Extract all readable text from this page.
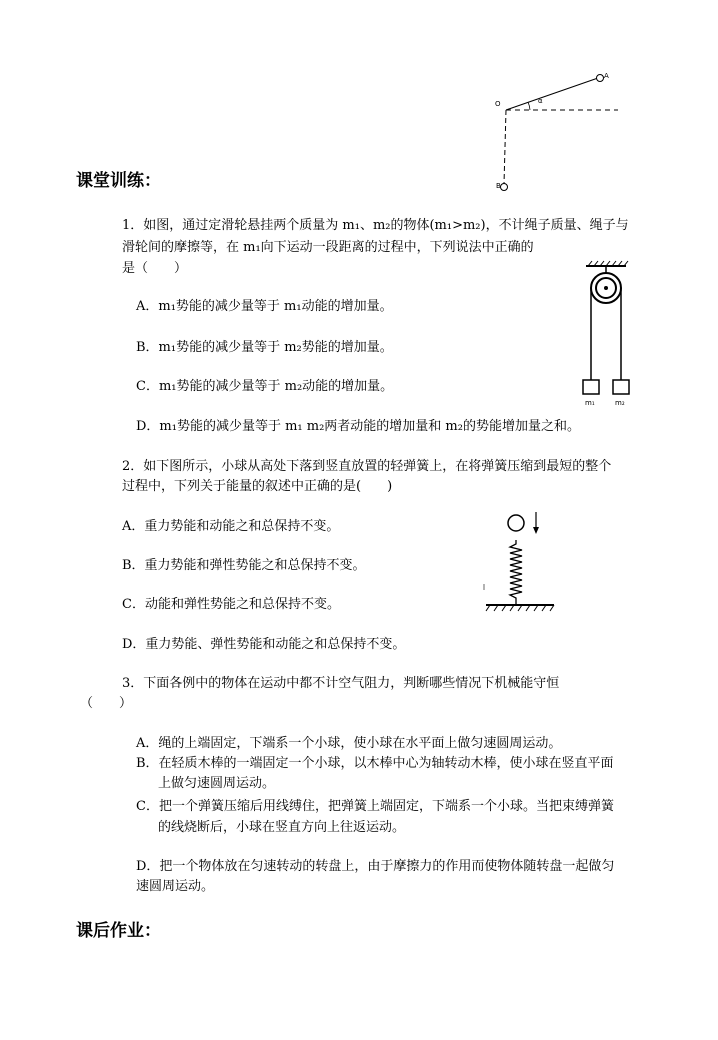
A
O	α
B
课堂训练：
1．如图，通过定滑轮悬挂两个质量为 m₁、m₂的物体(m₁>m₂)，不计绳子质量、绳子与
滑轮间的摩擦等，在 m₁向下运动一段距离的过程中，下列说法中正确的
是（　　）
A．m₁势能的减少量等于 m₁动能的增加量。
B．m₁势能的减少量等于 m₂势能的增加量。
C．m₁势能的减少量等于 m₂动能的增加量。
D．m₁势能的减少量等于 m₁ m₂两者动能的增加量和 m₂的势能增加量之和。
m₁	m₂
2．如下图所示，小球从高处下落到竖直放置的轻弹簧上，在将弹簧压缩到最短的整个
过程中，下列关于能量的叙述中正确的是(　　)
A．重力势能和动能之和总保持不变。
B．重力势能和弹性势能之和总保持不变。
C．动能和弹性势能之和总保持不变。
D．重力势能、弹性势能和动能之和总保持不变。
3．下面各例中的物体在运动中都不计空气阻力，判断哪些情况下机械能守恒
（　　）
A．绳的上端固定，下端系一个小球，使小球在水平面上做匀速圆周运动。
B．在轻质木棒的一端固定一个小球，以木棒中心为轴转动木棒，使小球在竖直平面
上做匀速圆周运动。
C．把一个弹簧压缩后用线缚住，把弹簧上端固定，下端系一个小球。当把束缚弹簧
的线烧断后，小球在竖直方向上往返运动。
D．把一个物体放在匀速转动的转盘上，由于摩擦力的作用而使物体随转盘一起做匀
速圆周运动。
课后作业：
